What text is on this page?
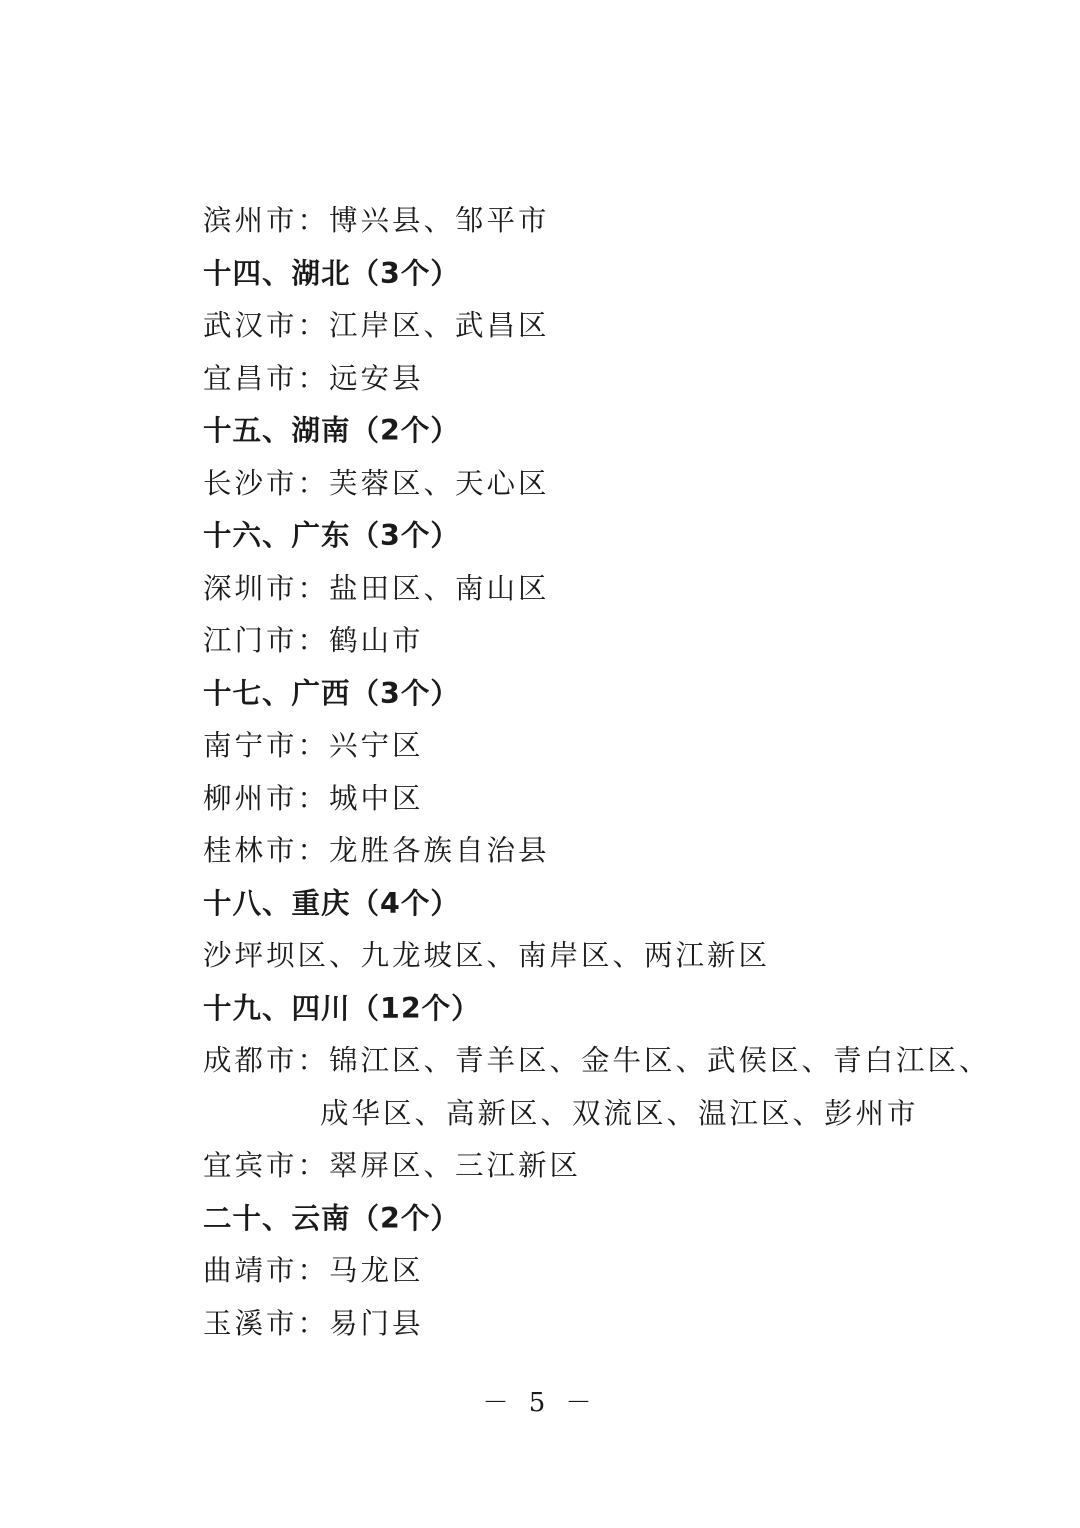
滨州市：博兴县、邹平市
十四、湖北（3个）
武汉市：江岸区、武昌区
宜昌市：远安县
十五、湖南（2个）
长沙市：芙蓉区、天心区
十六、广东（3个）
深圳市：盐田区、南山区
江门市：鹤山市
十七、广西（3个）
南宁市：兴宁区
柳州市：城中区
桂林市：龙胜各族自治县
十八、重庆（4个）
沙坪坝区、九龙坡区、南岸区、两江新区
十九、四川（12个）
成都市：锦江区、青羊区、金牛区、武侯区、青白江区、
成华区、高新区、双流区、温江区、彭州市
宜宾市：翠屏区、三江新区
二十、云南（2个）
曲靖市：马龙区
玉溪市：易门县
－ 5 －
